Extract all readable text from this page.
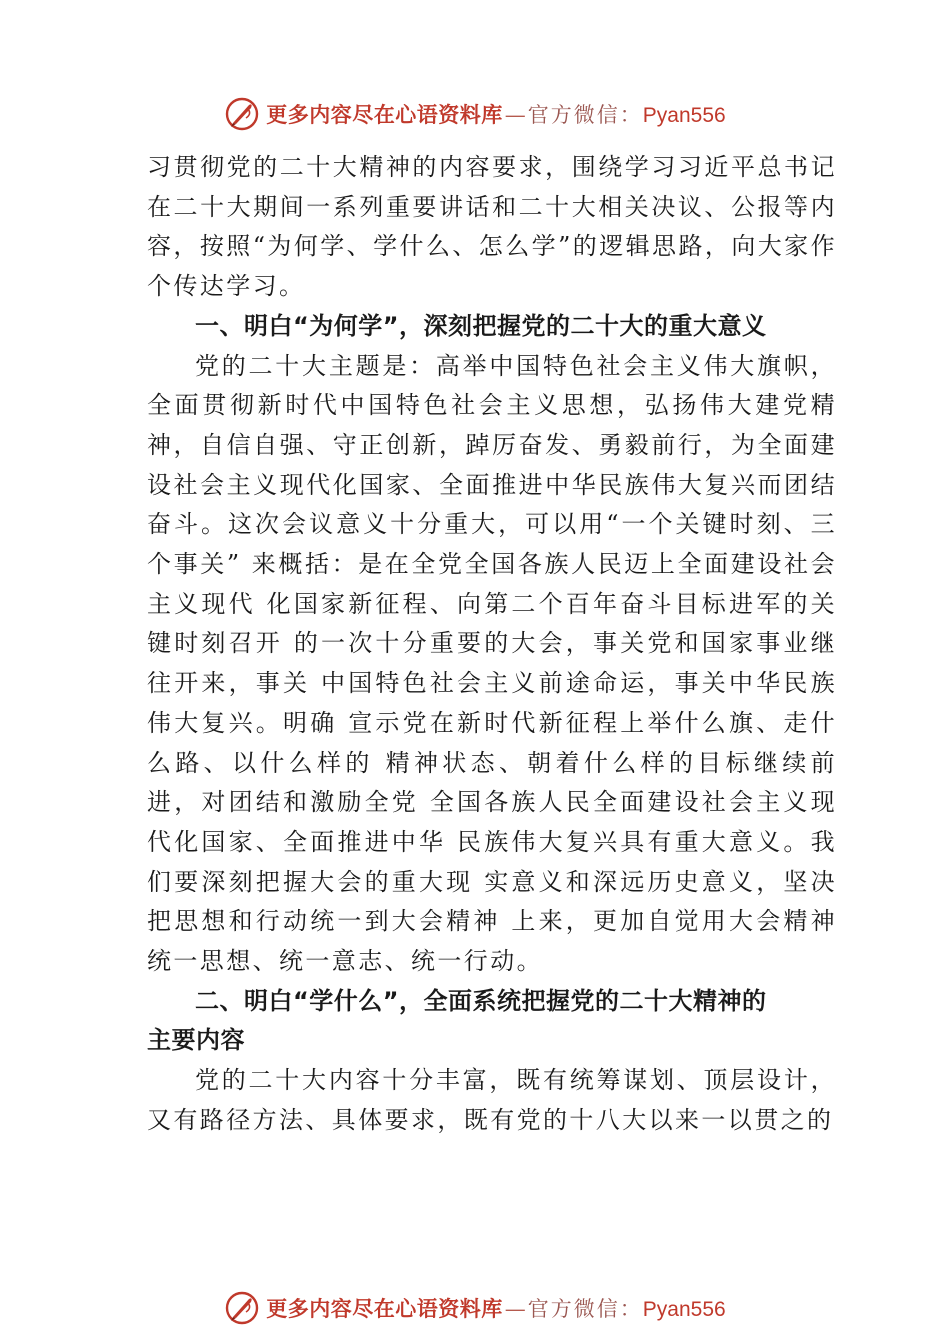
更多内容尽在心语资料库 — 官方微信： Pyan556

习贯彻党的二十大精神的内容要求，围绕学习习近平总书记在二十大期间一系列重要讲话和二十大相关决议、公报等内容，按照“为何学、学什么、怎么学”的逻辑思路，向大家作个传达学习。

一、明白“为何学”，深刻把握党的二十大的重大意义

党的二十大主题是：高举中国特色社会主义伟大旗帜，全面贯彻新时代中国特色社会主义思想，弘扬伟大建党精神，自信自强、守正创新，踔厉奋发、勇毅前行，为全面建设社会主义现代化国家、全面推进中华民族伟大复兴而团结奋斗。这次会议意义十分重大，可以用“一个关键时刻、三个事关” 来概括：是在全党全国各族人民迈上全面建设社会主义现代 化国家新征程、向第二个百年奋斗目标进军的关键时刻召开 的一次十分重要的大会，事关党和国家事业继往开来，事关 中国特色社会主义前途命运，事关中华民族伟大复兴。明确 宣示党在新时代新征程上举什么旗、走什么路、以什么样的 精神状态、朝着什么样的目标继续前进，对团结和激励全党 全国各族人民全面建设社会主义现代化国家、全面推进中华 民族伟大复兴具有重大意义。我们要深刻把握大会的重大现 实意义和深远历史意义，坚决把思想和行动统一到大会精神 上来，更加自觉用大会精神统一思想、统一意志、统一行动。

二、明白“学什么”，全面系统把握党的二十大精神的

主要内容

党的二十大内容十分丰富，既有统筹谋划、顶层设计，又有路径方法、具体要求，既有党的十八大以来一以贯之的

更多内容尽在心语资料库 — 官方微信： Pyan556
